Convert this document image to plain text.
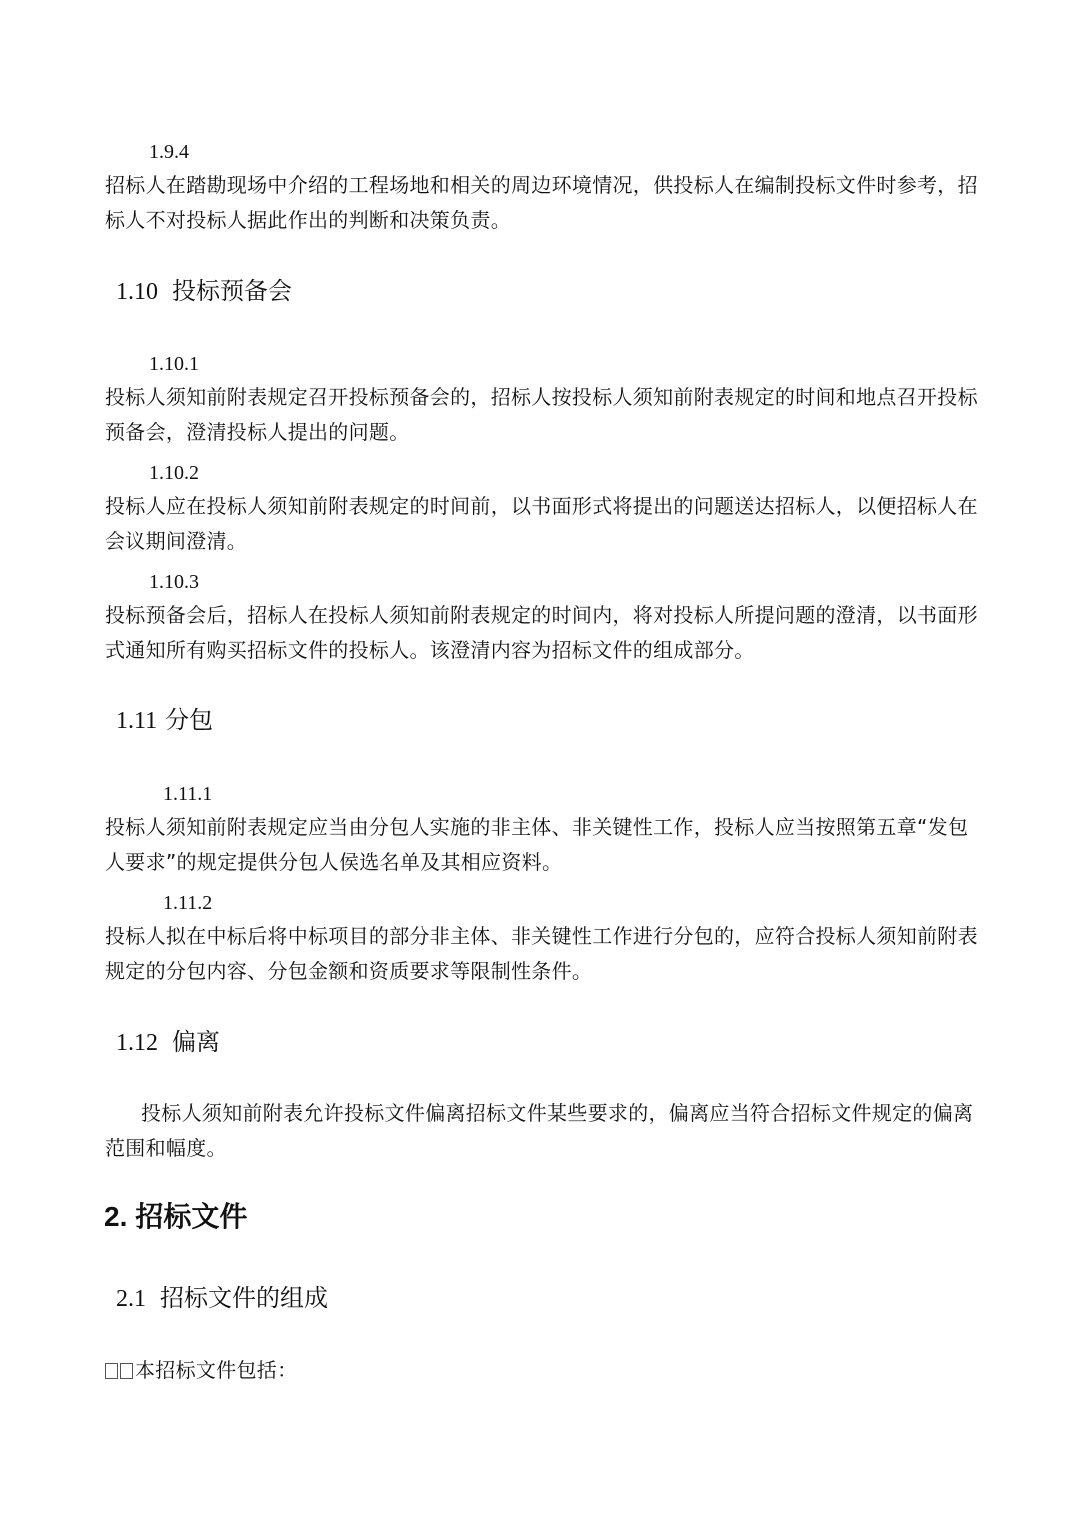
1.9.4
招标人在踏勘现场中介绍的工程场地和相关的周边环境情况，供投标人在编制投标文件时参考，招标人不对投标人据此作出的判断和决策负责。
1.10 投标预备会
1.10.1
投标人须知前附表规定召开投标预备会的，招标人按投标人须知前附表规定的时间和地点召开投标预备会，澄清投标人提出的问题。
1.10.2
投标人应在投标人须知前附表规定的时间前，以书面形式将提出的问题送达招标人，以便招标人在会议期间澄清。
1.10.3
投标预备会后，招标人在投标人须知前附表规定的时间内，将对投标人所提问题的澄清，以书面形式通知所有购买招标文件的投标人。该澄清内容为招标文件的组成部分。
1.11 分包
1.11.1
投标人须知前附表规定应当由分包人实施的非主体、非关键性工作，投标人应当按照第五章“发包人要求”的规定提供分包人侯选名单及其相应资料。
1.11.2
投标人拟在中标后将中标项目的部分非主体、非关键性工作进行分包的，应符合投标人须知前附表规定的分包内容、分包金额和资质要求等限制性条件。
1.12 偏离
投标人须知前附表允许投标文件偏离招标文件某些要求的，偏离应当符合招标文件规定的偏离范围和幅度。
2. 招标文件
2.1 招标文件的组成
本招标文件包括：
